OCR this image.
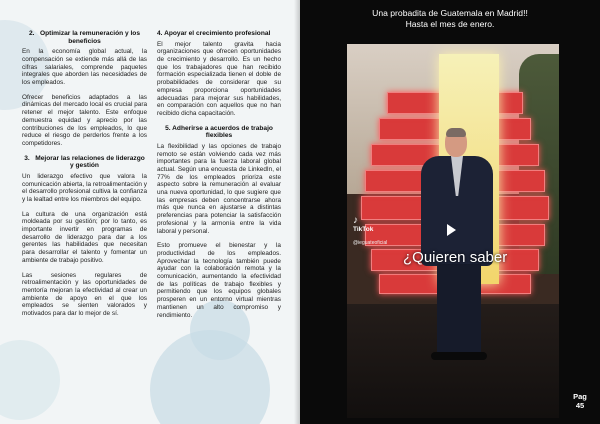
2.   Optimizar la remuneración y los beneficios

En la economía global actual, la compensación se extiende más allá de las cifras salariales, comprende paquetes integrales que aborden las necesidades de los empleados.

Ofrecer beneficios adaptados a las dinámicas del mercado local es crucial para retener el mejor talento. Este enfoque demuestra equidad y aprecio por las contribuciones de los empleados, lo que reduce el riesgo de perderlos frente a los competidores.

3.   Mejorar las relaciones de liderazgo y gestión

Un liderazgo efectivo que valora la comunicación abierta, la retroalimentación y el desarrollo profesional cultiva la confianza y la lealtad entre los miembros del equipo.

La cultura de una organización está moldeada por su gestión; por lo tanto, es importante invertir en programas de desarrollo de liderazgo para dar a los gerentes las habilidades que necesitan para desarrollar el talento y fomentar un ambiente de trabajo positivo.

Las sesiones regulares de retroalimentación y las oportunidades de mentoría mejoran la efectividad al crear un ambiente de apoyo en el que los empleados se sienten valorados y motivados para dar lo mejor de sí.

4. Apoyar el crecimiento profesional

El mejor talento gravita hacia organizaciones que ofrecen oportunidades de crecimiento y desarrollo. Es un hecho que los trabajadores que han recibido formación especializada tienen el doble de probabilidades de considerar que su empresa proporciona oportunidades adecuadas para mejorar sus habilidades, en comparación con aquellos que no han recibido dicha capacitación.

5. Adherirse a acuerdos de trabajo flexibles

La flexibilidad y las opciones de trabajo remoto se están volviendo cada vez más importantes para la fuerza laboral global actual. Según una encuesta de LinkedIn, el 77% de los empleados prioriza este aspecto sobre la remuneración al evaluar una nueva oportunidad, lo que sugiere que las empresas deben concentrarse ahora más que nunca en ajustarse a distintas preferencias para potenciar la satisfacción profesional y la armonía entre la vida laboral y personal.

Esto promueve el bienestar y la productividad de los empleados. Aprovechar la tecnología también puede ayudar con la colaboración remota y la comunicación, aumentando la efectividad de las políticas de trabajo flexibles y permitiendo que los equipos globales prosperen en un entorno virtual mientras mantienen un alto compromiso y rendimiento.

Una probadita de Guatemala en Madrid!!
Hasta el mes de enero.
♪
TikTok
@ieguateoficial
¿Quieren saber
Pag
45
